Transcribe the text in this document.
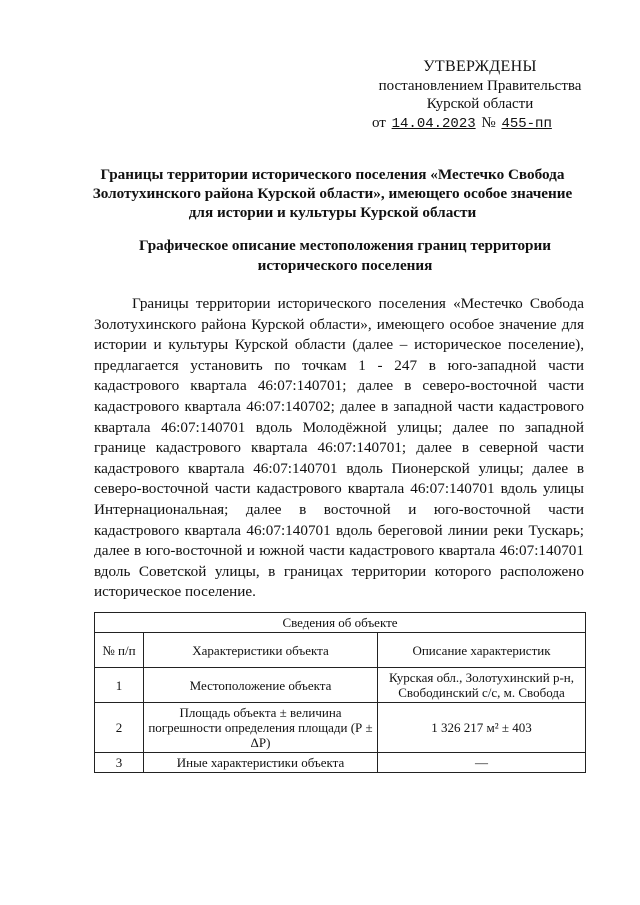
УТВЕРЖДЕНЫ
постановлением Правительства
Курской области
от 14.04.2023 № 455-пп
Границы территории исторического поселения «Местечко Свобода Золотухинского района Курской области», имеющего особое значение для истории и культуры Курской области
Графическое описание местоположения границ территории исторического поселения

Границы территории исторического поселения «Местечко Свобода Золотухинского района Курской области», имеющего особое значение для истории и культуры Курской области (далее – историческое поселение), предлагается установить по точкам 1 - 247 в юго-западной части кадастрового квартала 46:07:140701; далее в северо-восточной части кадастрового квартала 46:07:140702; далее в западной части кадастрового квартала 46:07:140701 вдоль Молодёжной улицы; далее по западной границе кадастрового квартала 46:07:140701; далее в северной части кадастрового квартала 46:07:140701 вдоль Пионерской улицы; далее в северо-восточной части кадастрового квартала 46:07:140701 вдоль улицы Интернациональная; далее в восточной и юго-восточной части кадастрового квартала 46:07:140701 вдоль береговой линии реки Тускарь; далее в юго-восточной и южной части кадастрового квартала 46:07:140701 вдоль Советской улицы, в границах территории которого расположено историческое поселение.

Сведения об объекте		
№ п/п	Характеристики объекта	Описание характеристик
1	Местоположение объекта	Курская обл., Золотухинский р-н, Свободинский с/с, м. Свобода
2	Площадь объекта ± величина погрешности определения площади (Р ± ΔР)	1 326 217 м² ± 403
3	Иные характеристики объекта	—
